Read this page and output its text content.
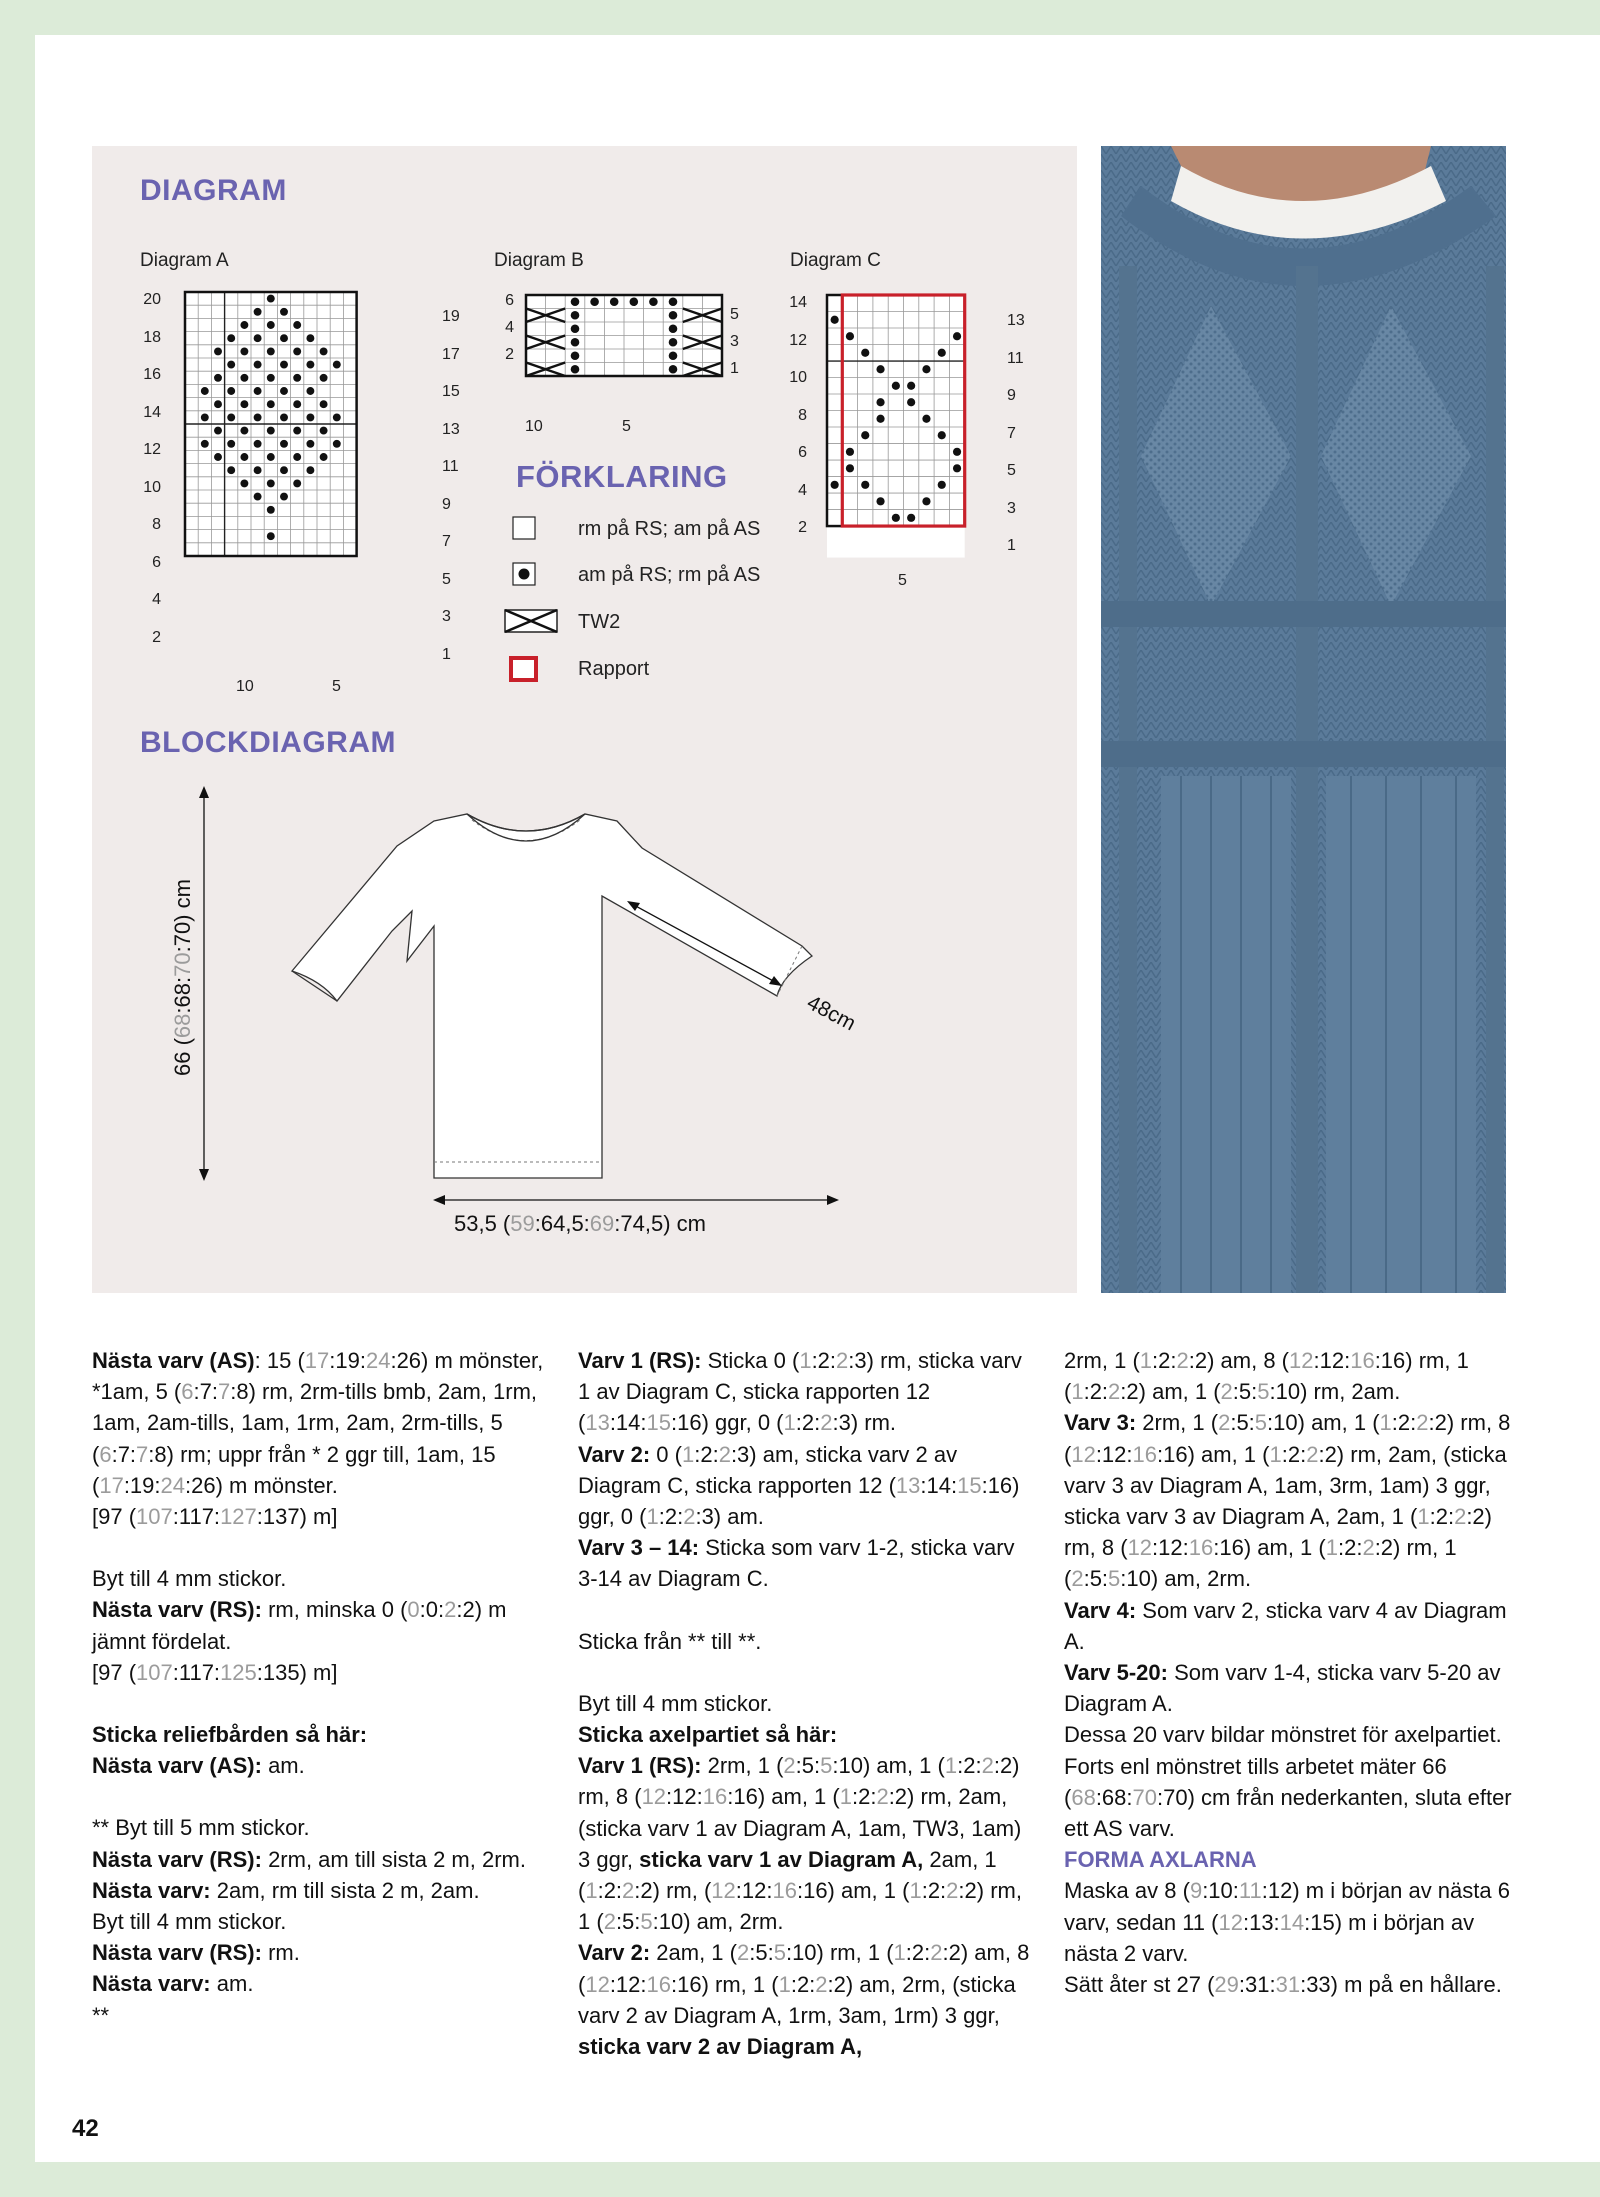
DIAGRAM
Diagram A	Diagram B	Diagram C
20
18
16
14
12
10
8
6
4
2
19
17
15
13
11
9
7
5
3
1
10	5
6
4
2
5
3
1
10	5
14
12
10
8
6
4
2
13
11
9
7
5
3
1
5
FÖRKLARING
rm på RS; am på AS
am på RS; rm på AS
TW2
Rapport
BLOCKDIAGRAM
66 (68:68:70:70) cm
48cm
53,5 (59:64,5:69:74,5) cm

Nästa varv (AS): 15 (17:19:24:26) m mönster, *1am, 5 (6:7:7:8) rm, 2rm-tills bmb, 2am, 1rm, 1am, 2am-tills, 1am, 1rm, 2am, 2rm-tills, 5 (6:7:7:8) rm; uppr från * 2 ggr till, 1am, 15 (17:19:24:26) m mönster.

[97 (107:117:127:137) m]

Byt till 4 mm stickor.

Nästa varv (RS): rm, minska 0 (0:0:2:2) m jämnt fördelat.

[97 (107:117:125:135) m]

Sticka reliefbården så här:

Nästa varv (AS): am.

** Byt till 5 mm stickor.

Nästa varv (RS): 2rm, am till sista 2 m, 2rm.

Nästa varv: 2am, rm till sista 2 m, 2am.

Byt till 4 mm stickor.

Nästa varv (RS): rm.

Nästa varv: am.

**

Varv 1 (RS): Sticka 0 (1:2:2:3) rm, sticka varv 1 av Diagram C, sticka rapporten 12 (13:14:15:16) ggr, 0 (1:2:2:3) rm.

Varv 2: 0 (1:2:2:3) am, sticka varv 2 av Diagram C, sticka rapporten 12 (13:14:15:16) ggr, 0 (1:2:2:3) am.

Varv 3 – 14: Sticka som varv 1-2, sticka varv 3-14 av Diagram C.

Sticka från ** till **.

Byt till 4 mm stickor.

Sticka axelpartiet så här:

Varv 1 (RS): 2rm, 1 (2:5:5:10) am, 1 (1:2:2:2) rm, 8 (12:12:16:16) am, 1 (1:2:2:2) rm, 2am, (sticka varv 1 av Diagram A, 1am, TW3, 1am) 3 ggr, sticka varv 1 av Diagram A, 2am, 1 (1:2:2:2) rm, (12:12:16:16) am, 1 (1:2:2:2) rm, 1 (2:5:5:10) am, 2rm.

Varv 2: 2am, 1 (2:5:5:10) rm, 1 (1:2:2:2) am, 8 (12:12:16:16) rm, 1 (1:2:2:2) am, 2rm, (sticka varv 2 av Diagram A, 1rm, 3am, 1rm) 3 ggr, sticka varv 2 av Diagram A,

2rm, 1 (1:2:2:2) am, 8 (12:12:16:16) rm, 1 (1:2:2:2) am, 1 (2:5:5:10) rm, 2am.

Varv 3: 2rm, 1 (2:5:5:10) am, 1 (1:2:2:2) rm, 8 (12:12:16:16) am, 1 (1:2:2:2) rm, 2am, (sticka varv 3 av Diagram A, 1am, 3rm, 1am) 3 ggr, sticka varv 3 av Diagram A, 2am, 1 (1:2:2:2) rm, 8 (12:12:16:16) am, 1 (1:2:2:2) rm, 1 (2:5:5:10) am, 2rm.

Varv 4: Som varv 2, sticka varv 4 av Diagram A.

Varv 5-20: Som varv 1-4, sticka varv 5-20 av Diagram A.

Dessa 20 varv bildar mönstret för axelpartiet.

Forts enl mönstret tills arbetet mäter 66 (68:68:70:70) cm från nederkanten, sluta efter ett AS varv.

FORMA AXLARNA

Maska av 8 (9:10:11:12) m i början av nästa 6 varv, sedan 11 (12:13:14:15) m i början av nästa 2 varv.

Sätt åter st 27 (29:31:31:33) m på en hållare.

42
